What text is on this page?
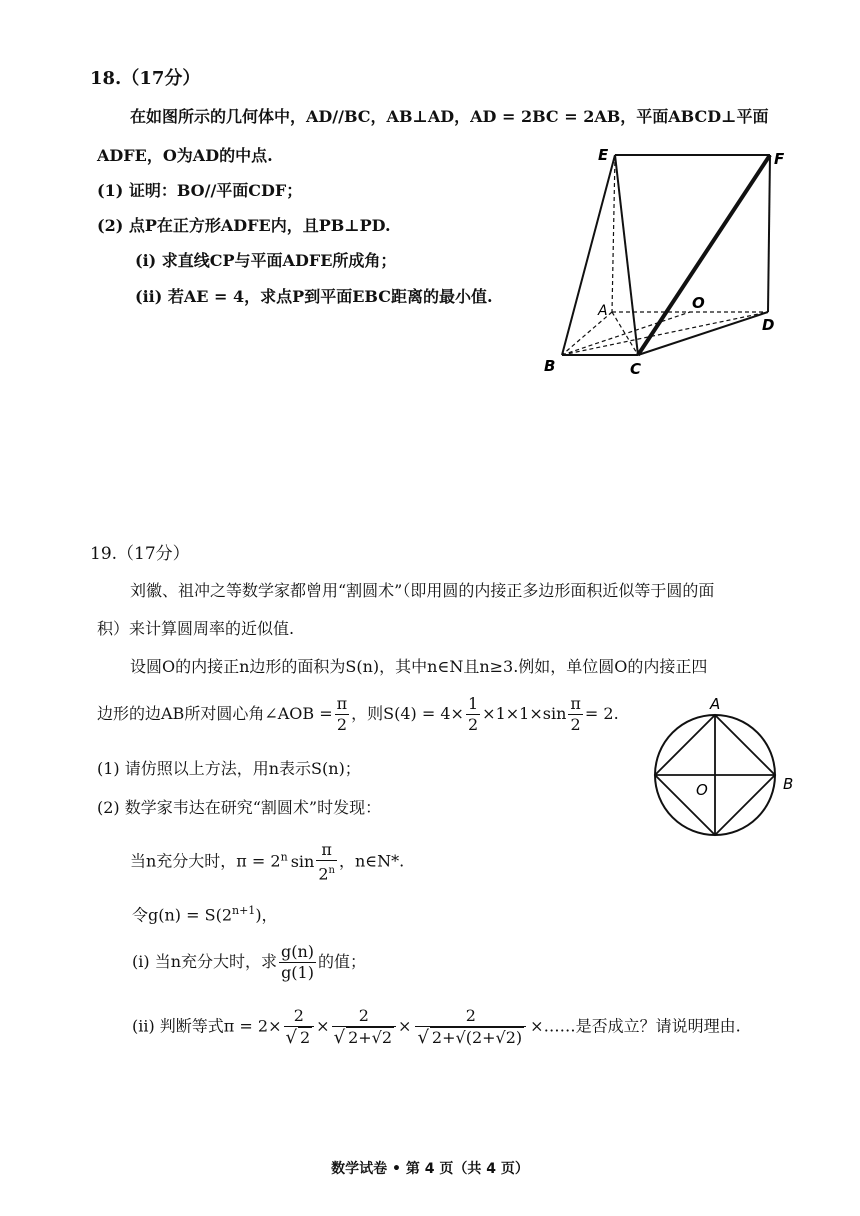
18.（17分）
在如图所示的几何体中，AD//BC，AB⊥AD，AD = 2BC = 2AB，平面ABCD⊥平面
ADFE，O为AD的中点.
(1) 证明：BO//平面CDF；
(2) 点P在正方形ADFE内，且PB⊥PD.
(i) 求直线CP与平面ADFE所成角；
(ii) 若AE = 4，求点P到平面EBC距离的最小值.
E	F
A	O
D
B	C
19.（17分）
刘徽、祖冲之等数学家都曾用“割圆术”（即用圆的内接正多边形面积近似等于圆的面
积）来计算圆周率的近似值.
设圆O的内接正n边形的面积为S(n)，其中n∈N且n≥3.例如，单位圆O的内接正四
边形的边AB所对圆心角∠AOB = $\frac{\pi}{2}$ ，则$S(4) = 4\times \frac{1}{2} \times 1\times 1\times\sin \frac{\pi}{2} = 2$.
(1) 请仿照以上方法，用n表示S(n)；
(2) 数学家韦达在研究“割圆术”时发现：
当n充分大时，$\pi = 2^n$ $\sin \frac{\pi}{2^n}$ ，n∈N*.
令$g(n) = S(2^{n+1})$，
(i) 当n充分大时，求 $\frac{g(n)}{g(1)}$ 的值；
(ii) 判断等式$\pi = 2\times \frac{2}{√ 2} \times \frac{2}{√ 2+√2} \times \frac{2}{√ 2+√(2+√2)}$ ×……是否成立？请说明理由.
A
B
O
数学试卷 • 第 4 页（共 4 页）
